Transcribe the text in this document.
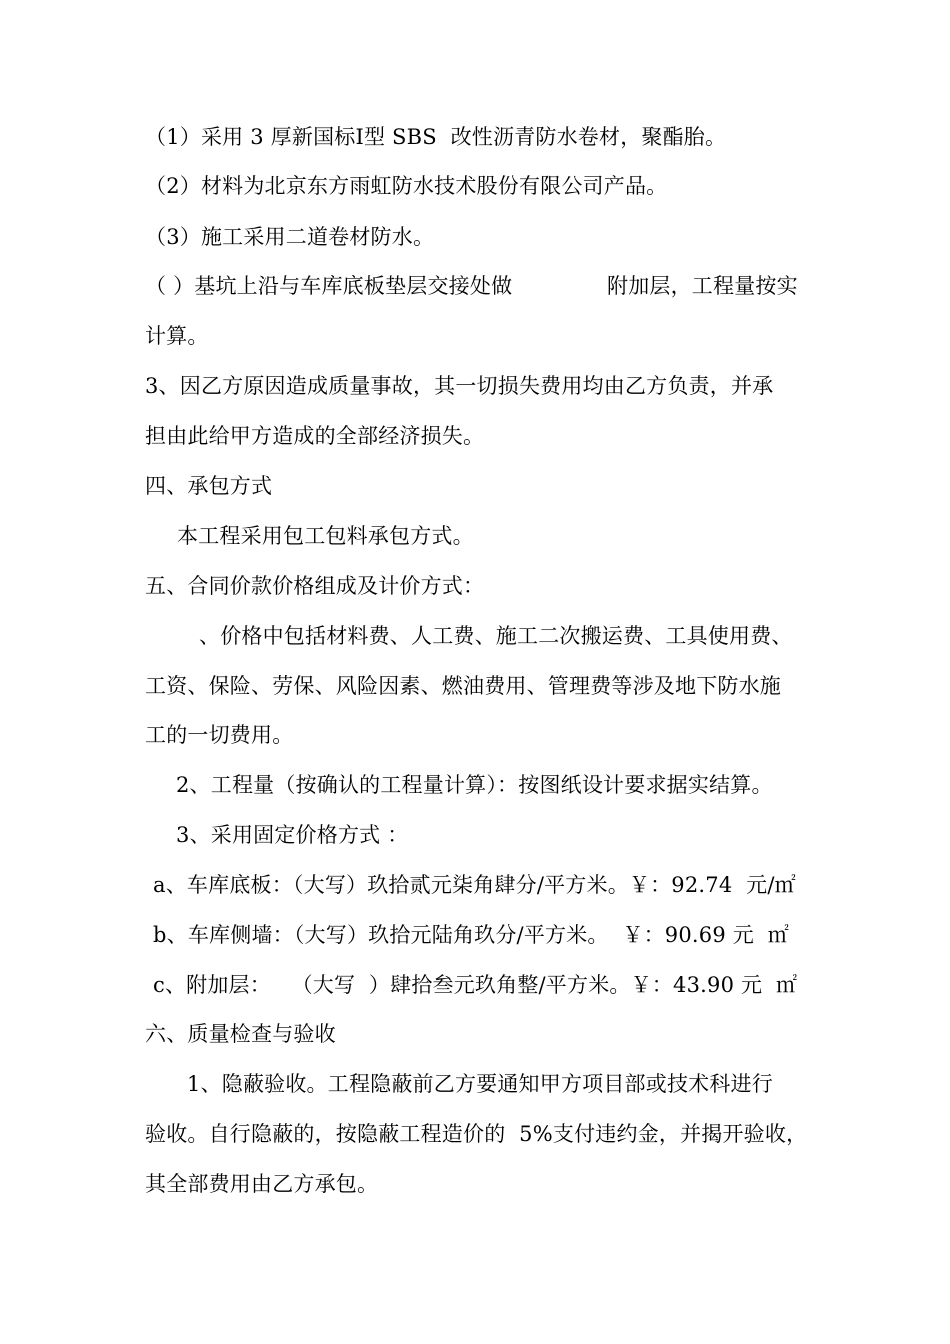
（1）采用 3 厚新国标Ⅰ型 SBS  改性沥青防水卷材，聚酯胎。
（2）材料为北京东方雨虹防水技术股份有限公司产品。
（3）施工采用二道卷材防水。
（ ）基坑上沿与车库底板垫层交接处做	附加层，工程量按实
计算。
3、因乙方原因造成质量事故，其一切损失费用均由乙方负责，并承
担由此给甲方造成的全部经济损失。
四、承包方式
本工程采用包工包料承包方式。
五、合同价款价格组成及计价方式：
、价格中包括材料费、人工费、施工二次搬运费、工具使用费、
工资、保险、劳保、风险因素、燃油费用、管理费等涉及地下防水施
工的一切费用。
2、工程量（按确认的工程量计算）：按图纸设计要求据实结算。
3、采用固定价格方式 ：
a、车库底板：（大写）玖拾贰元柒角肆分/平方米。￥：92.74  元/㎡
b、车库侧墙：（大写）玖拾元陆角玖分/平方米。  ￥：90.69 元  ㎡
c、附加层：   （大写  ）肆拾叁元玖角整/平方米。￥：43.90 元  ㎡
六、质量检查与验收
1、隐蔽验收。工程隐蔽前乙方要通知甲方项目部或技术科进行
验收。自行隐蔽的，按隐蔽工程造价的  5%支付违约金，并揭开验收，
其全部费用由乙方承包。
